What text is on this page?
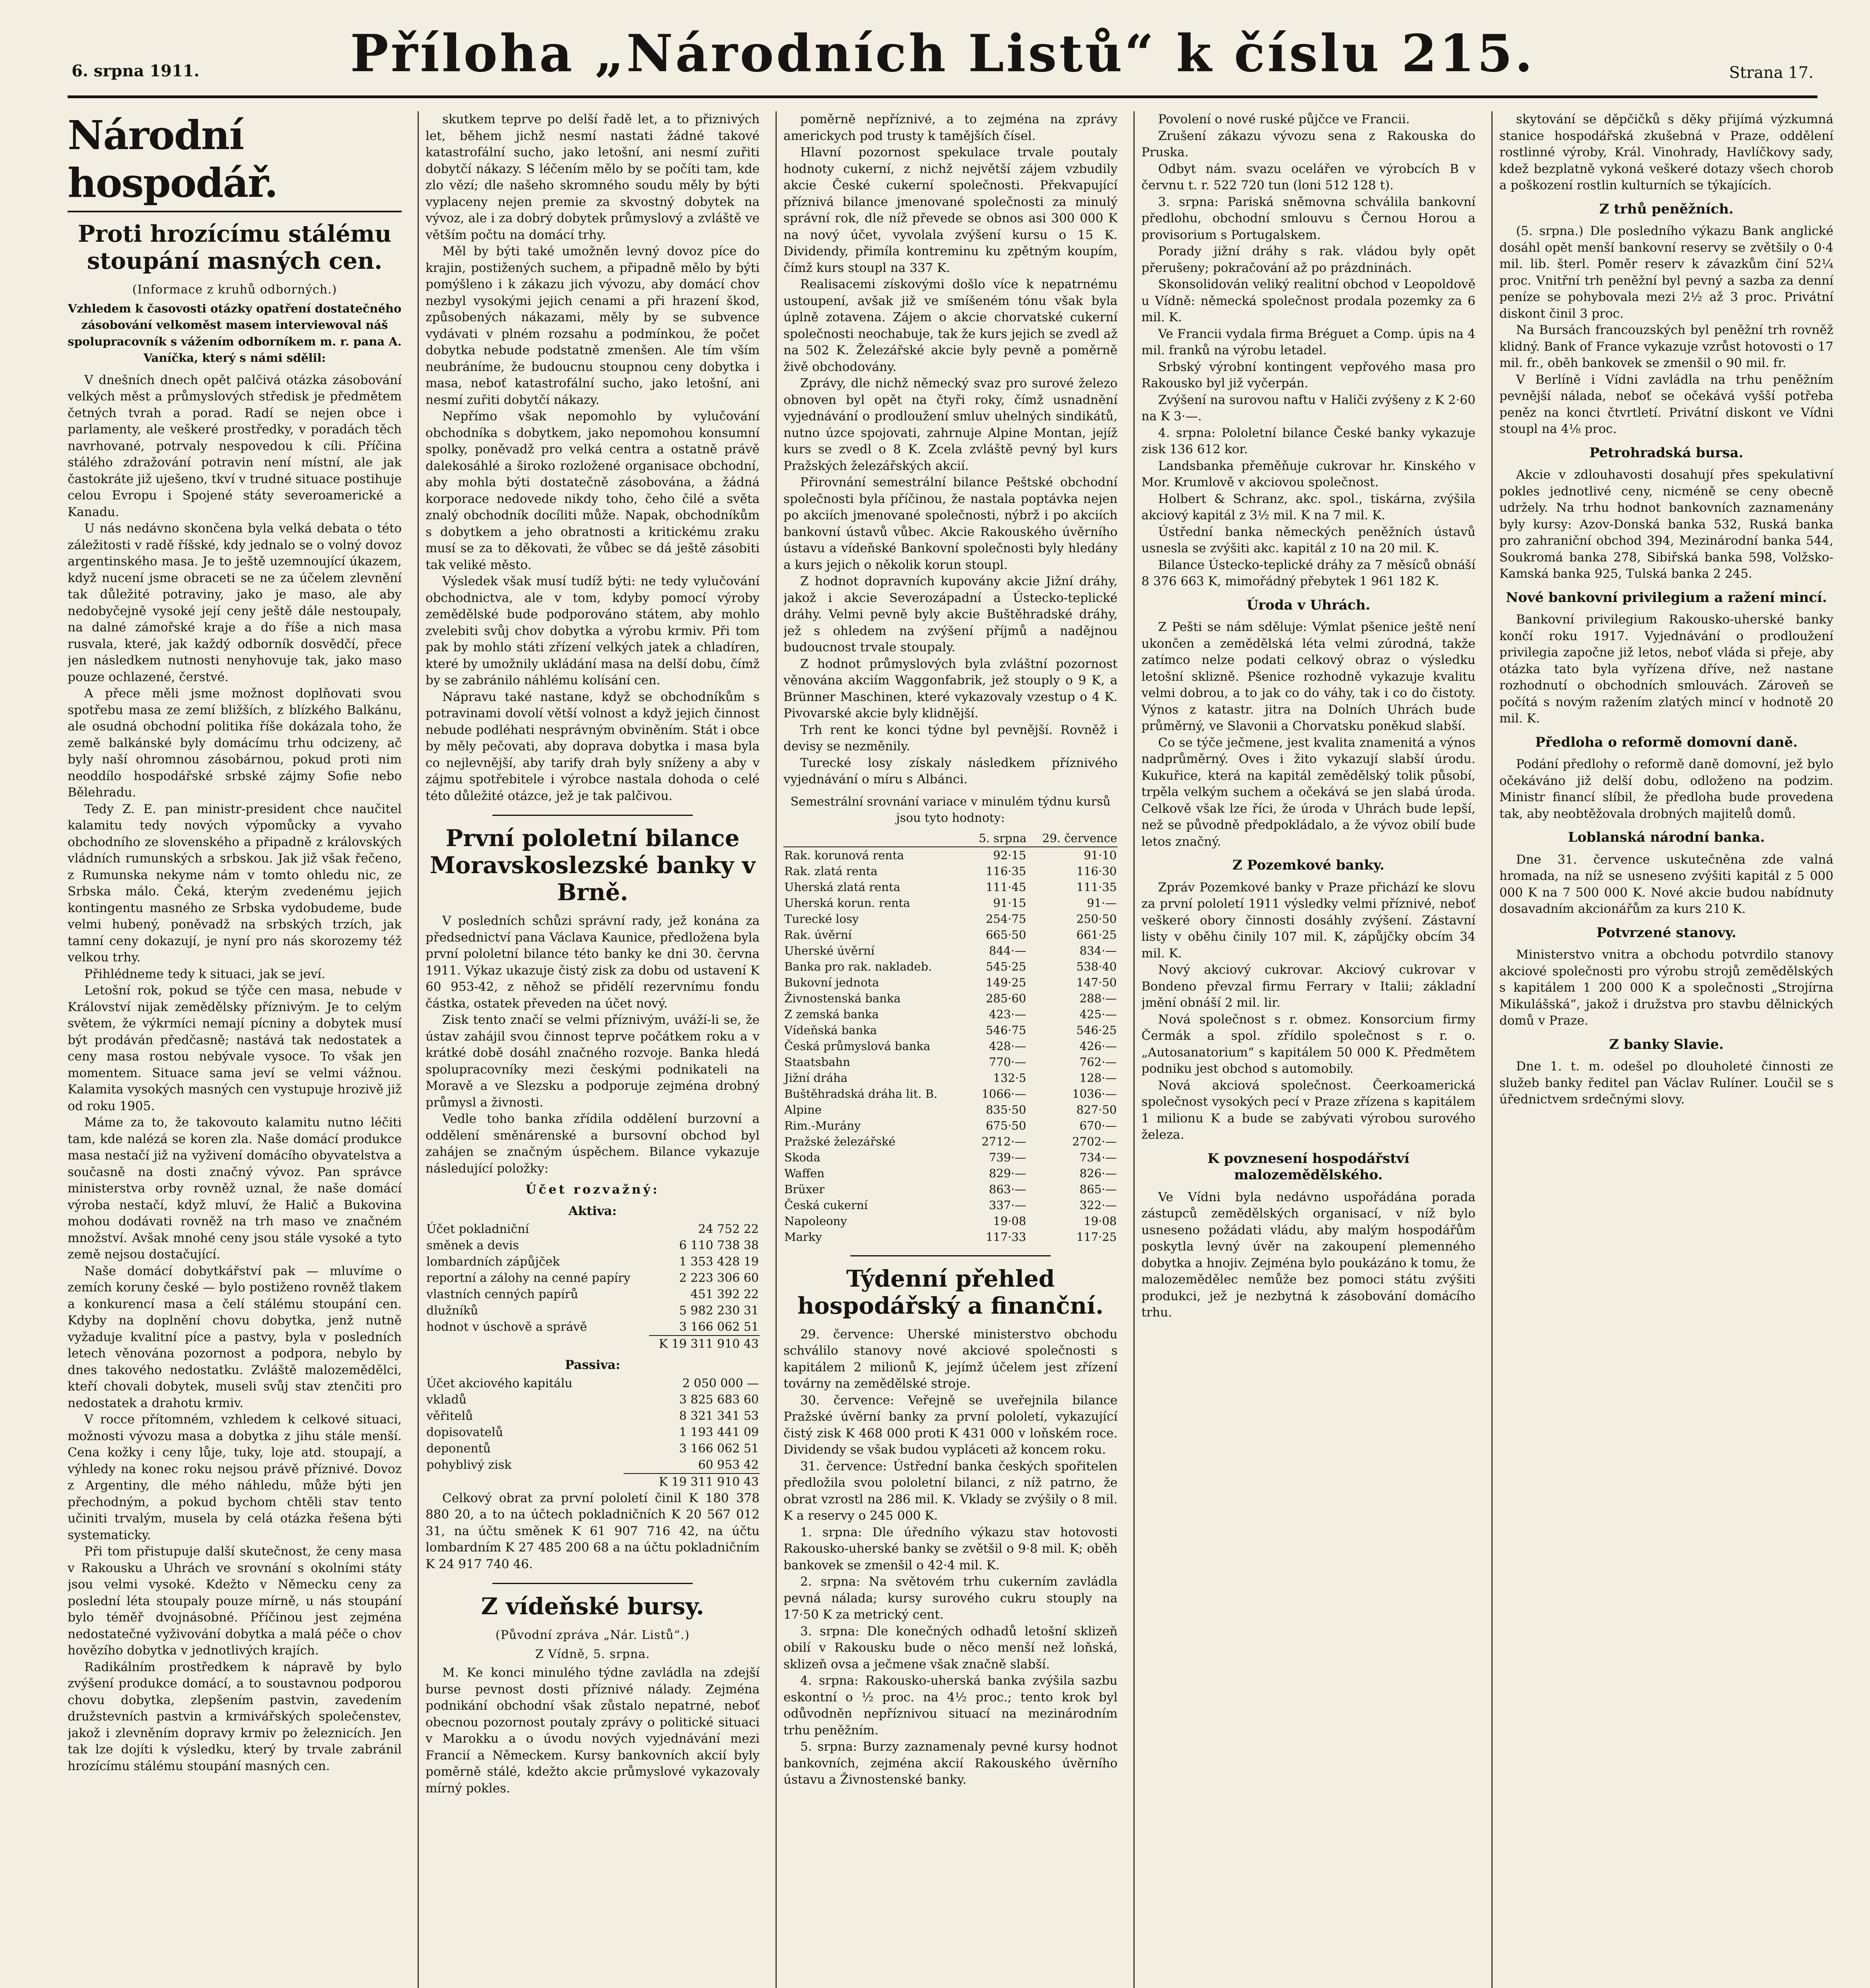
6. srpna 1911.	Příloha „Národních Listů“ k číslu 215.	Strana 17.
Národní hospodář.
Proti hrozícímu stálému stoupání masných cen.
(Informace z kruhů odborných.)
Vzhledem k časovosti otázky opatření dostatečného zásobování velkoměst masem interviewoval náš spolupracovník s vážením odborníkem m. r. pana A. Vaníčka, který s námi sdělil:

V dnešních dnech opět palčivá otázka zásobování velkých měst a průmyslových středisk je předmětem četných tvrah a porad. Radí se nejen obce i parlamenty, ale veškeré prostředky, v poradách těch navrhované, potrvaly nespovedou k cíli. Příčina stálého zdražování potravin není místní, ale jak častokráte již uješeno, tkví v trudné situace postihuje celou Evropu i Spojené státy severoamerické a Kanadu.

U nás nedávno skončena byla velká debata o této záležitosti v radě říšské, kdy jednalo se o volný dovoz argentinského masa. Je to ještě uzemnoující úkazem, když nucení jsme obraceti se ne za účelem zlevnění tak důležité potraviny, jako je maso, ale aby nedobyčejně vysoké její ceny ještě dále nestoupaly, na dalné zámořské kraje a do říše a nich masa rusvala, které, jak každý odborník dosvědčí, přece jen následkem nutnosti nenyhovuje tak, jako maso pouze ochlazené, čerstvé.

A přece měli jsme možnost doplňovati svou spotřebu masa ze zemí bližších, z blízkého Balkánu, ale osudná obchodní politika říše dokázala toho, že země balkánské byly domácímu trhu odcizeny, ač byly naší ohromnou zásobárnou, pokud proti nim neoddílo hospodářské srbské zájmy Sofie nebo Bělehradu.

Tedy Z. E. pan ministr-president chce naučitel kalamitu tedy nových výpomůcky a vyvaho obchodního ze slovenského a připadně z královských vládních rumunských a srbskou. Jak již však řečeno, z Rumunska nekyme nám v tomto ohledu nic, ze Srbska málo. Čeká, kterým zvedenému jejich kontingentu masného ze Srbska vydobudeme, bude velmi hubený, poněvadž na srbských trzích, jak tamní ceny dokazují, je nyní pro nás skorozemy též velkou trhy.

Přihlédneme tedy k situaci, jak se jeví.

Letošní rok, pokud se týče cen masa, nebude v Království nijak zemědělsky příznivým. Je to celým světem, že výkrmíci nemají pícniny a dobytek musí být prodáván předčasně; nastává tak nedostatek a ceny masa rostou nebývale vysoce. To však jen momentem. Situace sama jeví se velmi vážnou. Kalamita vysokých masných cen vystupuje hrozivě již od roku 1905.

Máme za to, že takovouto kalamitu nutno léčiti tam, kde nalézá se koren zla. Naše domácí produkce masa nestačí již na vyživení domácího obyvatelstva a současně na dosti značný vývoz. Pan správce ministerstva orby rovněž uznal, že naše domácí výroba nestačí, když mluví, že Halič a Bukovina mohou dodávati rovněž na trh maso ve značném množství. Avšak mnohé ceny jsou stále vysoké a tyto země nejsou dostačující.

Naše domácí dobytkářství pak — mluvíme o zemích koruny české — bylo postiženo rovněž tlakem a konkurencí masa a čelí stálému stoupání cen. Kdyby na doplnění chovu dobytka, jenž nutně vyžaduje kvalitní píce a pastvy, byla v posledních letech věnována pozornost a podpora, nebylo by dnes takového nedostatku. Zvláště malozemědělci, kteří chovali dobytek, museli svůj stav ztenčiti pro nedostatek a drahotu krmiv.

V rocce přítomném, vzhledem k celkové situaci, možnosti vývozu masa a dobytka z jihu stále menší. Cena kožky i ceny lůje, tuky, loje atd. stoupají, a výhledy na konec roku nejsou právě příznivé. Dovoz z Argentiny, dle mého náhledu, může býti jen přechodným, a pokud bychom chtěli stav tento učiniti trvalým, musela by celá otázka řešena býti systematicky.

Při tom přistupuje další skutečnost, že ceny masa v Rakousku a Uhrách ve srovnání s okolními státy jsou velmi vysoké. Kdežto v Německu ceny za poslední léta stoupaly pouze mírně, u nás stoupání bylo téměř dvojnásobné. Příčinou jest zejména nedostatečné vyživování dobytka a malá péče o chov hovězího dobytka v jednotlivých krajích.

Radikálním prostředkem k nápravě by bylo zvýšení produkce domácí, a to soustavnou podporou chovu dobytka, zlepšením pastvin, zavedením družstevních pastvin a krmivářských společenstev, jakož i zlevněním dopravy krmiv po železnicích. Jen tak lze dojíti k výsledku, který by trvale zabránil hrozícímu stálému stoupání masných cen.

skutkem teprve po delší řadě let, a to přiznivých let, během jichž nesmí nastati žádné takové katastrofální sucho, jako letošní, ani nesmí zuřiti dobytčí nákazy. S léčením mělo by se počíti tam, kde zlo vězí; dle našeho skromného soudu měly by býti vyplaceny nejen premie za skvostný dobytek na vývoz, ale i za dobrý dobytek průmyslový a zvláště ve větším počtu na domácí trhy.

Měl by býti také umožněn levný dovoz píce do krajin, postižených suchem, a připadně mělo by býti pomýšleno i k zákazu jich vývozu, aby domácí chov nezbyl vysokými jejich cenami a při hrazení škod, způsobených nákazami, měly by se subvence vydávati v plném rozsahu a podmínkou, že počet dobytka nebude podstatně zmenšen. Ale tím vším neubráníme, že budoucnu stoupnou ceny dobytka i masa, neboť katastrofální sucho, jako letošní, ani nesmí zuřiti dobytčí nákazy.

Nepřímo však nepomohlo by vylučování obchodníka s dobytkem, jako nepomohou konsumní spolky, poněvadž pro velká centra a ostatně právě dalekosáhlé a široko rozložené organisace obchodní, aby mohla býti dostatečně zásobována, a žádná korporace nedovede nikdy toho, čeho čilé a světa znalý obchodník docíliti může. Napak, obchodníkům s dobytkem a jeho obratnosti a kritickému zraku musí se za to děkovati, že vůbec se dá ještě zásobiti tak veliké město.

Výsledek však musí tudíž býti: ne tedy vylučování obchodnictva, ale v tom, kdyby pomocí výroby zemědělské bude podporováno státem, aby mohlo zvelebiti svůj chov dobytka a výrobu krmiv. Při tom pak by mohlo státi zřízení velkých jatek a chladíren, které by umožnily ukládání masa na delší dobu, čímž by se zabránilo náhlému kolísání cen.

Nápravu také nastane, když se obchodníkům s potravinami dovolí větší volnost a když jejich činnost nebude podléhati nesprávným obviněním. Stát i obce by měly pečovati, aby doprava dobytka i masa byla co nejlevnější, aby tarify drah byly sníženy a aby v zájmu spotřebitele i výrobce nastala dohoda o celé této důležité otázce, jež je tak palčivou.

První pololetní bilance Moravskoslezské banky v Brně.

V posledních schůzi správní rady, jež konána za předsednictví pana Václava Kaunice, předložena byla první pololetní bilance této banky ke dni 30. června 1911. Výkaz ukazuje čistý zisk za dobu od ustavení K 60 953-42, z něhož se přidělí rezervnímu fondu částka, ostatek převeden na účet nový.

Zisk tento značí se velmi příznivým, uváží-li se, že ústav zahájil svou činnost teprve počátkem roku a v krátké době dosáhl značného rozvoje. Banka hledá spolupracovníky mezi českými podnikateli na Moravě a ve Slezsku a podporuje zejména drobný průmysl a živnosti.

Vedle toho banka zřídila oddělení burzovní a oddělení směnárenské a bursovní obchod byl zahájen se značným úspěchem. Bilance vykazuje následující položky:

Účet rozvažný:
Aktiva:
Účet pokladniční	24 752 22
směnek a devis	6 110 738 38
lombardních zápůjček	1 353 428 19
reportní a zálohy na cenné papíry	2 223 306 60
vlastních cenných papírů	451 392 22
dlužníků	5 982 230 31
hodnot v úschově a správě	3 166 062 51
	K 19 311 910 43
Passiva:
Účet akciového kapitálu	2 050 000 —
vkladů	3 825 683 60
věřitelů	8 321 341 53
dopisovatelů	1 193 441 09
deponentů	3 166 062 51
pohyblivý zisk	60 953 42
	K 19 311 910 43

Celkový obrat za první pololetí činil K 180 378 880 20, a to na účtech pokladničních K 20 567 012 31, na účtu směnek K 61 907 716 42, na účtu lombardním K 27 485 200 68 a na účtu pokladničním K 24 917 740 46.

Z vídeňské bursy.
(Původní zpráva „Nár. Listů“.)
Z Vídně, 5. srpna.

M. Ke konci minulého týdne zavládla na zdejší burse pevnost dosti příznivé nálady. Zejména podnikání obchodní však zůstalo nepatrné, neboť obecnou pozornost poutaly zprávy o politické situaci v Marokku a o úvodu nových vyjednávání mezi Francií a Německem. Kursy bankovních akcií byly poměrně stálé, kdežto akcie průmyslové vykazovaly mírný pokles.

poměrně nepříznivé, a to zejména na zprávy americkych pod trusty k tamějších čísel.

Hlavní pozornost spekulace trvale poutaly hodnoty cukerní, z nichž největší zájem vzbudily akcie České cukerní společnosti. Překvapující příznivá bilance jmenované společnosti za minulý správní rok, dle níž převede se obnos asi 300 000 K na nový účet, vyvolala zvýšení kursu o 15 K. Dividendy, přimíla kontreminu ku zpětným koupím, čímž kurs stoupl na 337 K.

Realisacemi získovými došlo více k nepatrnému ustoupení, avšak již ve smíšeném tónu však byla úplně zotavena. Zájem o akcie chorvatské cukerní společnosti neochabuje, tak že kurs jejich se zvedl až na 502 K. Železářské akcie byly pevně a poměrně živě obchodovány.

Zprávy, dle nichž německý svaz pro surové železo obnoven byl opět na čtyři roky, čímž usnadnění vyjednávání o prodloužení smluv uhelných sindikátů, nutno úzce spojovati, zahrnuje Alpine Montan, jejíž kurs se zvedl o 8 K. Zcela zvláště pevný byl kurs Pražských železářských akcií.

Přirovnání semestrální bilance Peštské obchodní společnosti byla příčinou, že nastala poptávka nejen po akciích jmenované společnosti, nýbrž i po akciích bankovní ústavů vůbec. Akcie Rakouského úvěrního ústavu a vídeňské Bankovní společnosti byly hledány a kurs jejich o několik korun stoupl.

Z hodnot dopravních kupovány akcie Jižní dráhy, jakož i akcie Severozápadní a Ústecko-teplické dráhy. Velmi pevně byly akcie Buštěhradské dráhy, jež s ohledem na zvýšení příjmů a nadějnou budoucnost trvale stoupaly.

Z hodnot průmyslových byla zvláštní pozornost věnována akciím Waggonfabrik, jež stouply o 9 K, a Brünner Maschinen, které vykazovaly vzestup o 4 K. Pivovarské akcie byly klidnější.

Trh rent ke konci týdne byl pevnější. Rovněž i devisy se nezměnily.

Turecké losy získaly následkem příznivého vyjednávání o míru s Albánci.

Semestrální srovnání variace v minulém týdnu kursů jsou tyto hodnoty:
	5. srpna	29. července
Rak. korunová renta	92·15	91·10
Rak. zlatá renta	116·35	116·30
Uherská zlatá renta	111·45	111·35
Uherská korun. renta	91·15	91·—
Turecké losy	254·75	250·50
Rak. úvěrní	665·50	661·25
Uherské úvěrní	844·—	834·—
Banka pro rak. nakladeb.	545·25	538·40
Bukovní jednota	149·25	147·50
Živnostenská banka	285·60	288·—
Z zemská banka	423·—	425·—
Vídeňská banka	546·75	546·25
Česká průmyslová banka	428·—	426·—
Staatsbahn	770·—	762·—
Jižní dráha	132·5	128·—
Buštěhradská dráha lit. B.	1066·—	1036·—
Alpine	835·50	827·50
Rim.-Murány	675·50	670·—
Pražské železářské	2712·—	2702·—
Skoda	739·—	734·—
Waffen	829·—	826·—
Brüxer	863·—	865·—
Česká cukerní	337·—	322·—
Napoleony	19·08	19·08
Marky	117·33	117·25
Týdenní přehled hospodářský a finanční.

29. července: Uherské ministerstvo obchodu schválilo stanovy nové akciové společnosti s kapitálem 2 milionů K, jejímž účelem jest zřízení továrny na zemědělské stroje.

30. července: Veřejně se uveřejnila bilance Pražské úvěrní banky za první pololetí, vykazující čistý zisk K 468 000 proti K 431 000 v loňském roce. Dividendy se však budou vypláceti až koncem roku.

31. července: Ústřední banka českých spořitelen předložila svou pololetní bilanci, z níž patrno, že obrat vzrostl na 286 mil. K. Vklady se zvýšily o 8 mil. K a reservy o 245 000 K.

1. srpna: Dle úředního výkazu stav hotovosti Rakousko-uherské banky se zvětšil o 9·8 mil. K; oběh bankovek se zmenšil o 42·4 mil. K.

2. srpna: Na světovém trhu cukerním zavládla pevná nálada; kursy surového cukru stouply na 17·50 K za metrický cent.

3. srpna: Dle konečných odhadů letošní sklizeň obilí v Rakousku bude o něco menší než loňská, sklizeň ovsa a ječmene však značně slabší.

4. srpna: Rakousko-uherská banka zvýšila sazbu eskontní o ½ proc. na 4½ proc.; tento krok byl odůvodněn nepříznivou situací na mezinárodním trhu peněžním.

5. srpna: Burzy zaznamenaly pevné kursy hodnot bankovních, zejména akcií Rakouského úvěrního ústavu a Živnostenské banky.

Povolení o nové ruské půjčce ve Francii.

Zrušení zákazu vývozu sena z Rakouska do Pruska.

Odbyt nám. svazu ocelářen ve výrobcích B v červnu t. r. 522 720 tun (loni 512 128 t).

3. srpna: Pariská sněmovna schválila bankovní předlohu, obchodní smlouvu s Černou Horou a provisorium s Portugalskem.

Porady jižní dráhy s rak. vládou byly opět přerušeny; pokračování až po prázdninách.

Skonsolidován veliký realitní obchod v Leopoldově u Vídně: německá společnost prodala pozemky za 6 mil. K.

Ve Francii vydala firma Bréguet a Comp. úpis na 4 mil. franků na výrobu letadel.

Srbský výrobní kontingent vepřového masa pro Rakousko byl již vyčerpán.

Zvýšení na surovou naftu v Haliči zvýšeny z K 2·60 na K 3·—.

4. srpna: Pololetní bilance České banky vykazuje zisk 136 612 kor.

Landsbanka přeměňuje cukrovar hr. Kinského v Mor. Krumlově v akciovou společnost.

Holbert & Schranz, akc. spol., tiskárna, zvýšila akciový kapitál z 3½ mil. K na 7 mil. K.

Ústřední banka německých peněžních ústavů usnesla se zvýšiti akc. kapitál z 10 na 20 mil. K.

Bilance Ústecko-teplické dráhy za 7 měsíců obnáší 8 376 663 K, mimořádný přebytek 1 961 182 K.

Úroda v Uhrách.

Z Pešti se nám sděluje: Výmlat pšenice ještě není ukončen a zemědělská léta velmi zúrodná, takže zatímco nelze podati celkový obraz o výsledku letošní sklizně. Pšenice rozhodně vykazuje kvalitu velmi dobrou, a to jak co do váhy, tak i co do čistoty. Výnos z katastr. jitra na Dolních Uhrách bude průměrný, ve Slavonii a Chorvatsku poněkud slabší.

Co se týče ječmene, jest kvalita znamenitá a výnos nadprůměrný. Oves i žito vykazují slabší úrodu. Kukuřice, která na kapitál zemědělský tolik působí, trpěla velkým suchem a očekává se jen slabá úroda. Celkově však lze říci, že úroda v Uhrách bude lepší, než se původně předpokládalo, a že vývoz obilí bude letos značný.

Z Pozemkové banky.

Zpráv Pozemkové banky v Praze přichází ke slovu za první pololetí 1911 výsledky velmi příznivé, neboť veškeré obory činnosti dosáhly zvýšení. Zástavní listy v oběhu činily 107 mil. K, zápůjčky obcím 34 mil. K.

Nový akciový cukrovar. Akciový cukrovar v Bondeno převzal firmu Ferrary v Italii; základní jmění obnáší 2 mil. lir.

Nová společnost s r. obmez. Konsorcium firmy Čermák a spol. zřídilo společnost s r. o. „Autosanatorium“ s kapitálem 50 000 K. Předmětem podniku jest obchod s automobily.

Nová akciová společnost. Čeerkoamerická společnost vysokých pecí v Praze zřízena s kapitálem 1 milionu K a bude se zabývati výrobou surového železa.

K povznesení hospodářství malozemědělského.

Ve Vídni byla nedávno uspořádána porada zástupců zemědělských organisací, v níž bylo usneseno požádati vládu, aby malým hospodářům poskytla levný úvěr na zakoupení plemenného dobytka a hnojiv. Zejména bylo poukázáno k tomu, že malozemědělec nemůže bez pomoci státu zvýšiti produkci, jež je nezbytná k zásobování domácího trhu.

skytování se děpčičků s děky přijímá výzkumná stanice hospodářská zkušebná v Praze, oddělení rostlinné výroby, Král. Vinohrady, Havlíčkovy sady, kdež bezplatně vykoná veškeré dotazy všech chorob a poškození rostlin kulturních se týkajících.

Z trhů peněžních.

(5. srpna.) Dle posledního výkazu Bank anglické dosáhl opět menší bankovní reservy se zvětšily o 0·4 mil. lib. šterl. Poměr reserv k závazkům činí 52¼ proc. Vnitřní trh peněžní byl pevný a sazba za denní peníze se pohybovala mezi 2½ až 3 proc. Privátní diskont činil 3 proc.

Na Bursách francouzských byl peněžní trh rovněž klidný. Bank of France vykazuje vzrůst hotovosti o 17 mil. fr., oběh bankovek se zmenšil o 90 mil. fr.

V Berlíně i Vídni zavládla na trhu peněžním pevnější nálada, neboť se očekává vyšší potřeba peněz na konci čtvrtletí. Privátní diskont ve Vídni stoupl na 4⅛ proc.

Petrohradská bursa.

Akcie v zdlouhavosti dosahují přes spekulativní pokles jednotlivé ceny, nicméně se ceny obecně udržely. Na trhu hodnot bankovních zaznamenány byly kursy: Azov-Donská banka 532, Ruská banka pro zahraniční obchod 394, Mezinárodní banka 544, Soukromá banka 278, Sibiřská banka 598, Volžsko-Kamská banka 925, Tulská banka 2 245.

Nové bankovní privilegium a ražení mincí.

Bankovní privilegium Rakousko-uherské banky končí roku 1917. Vyjednávání o prodloužení privilegia započne již letos, neboť vláda si přeje, aby otázka tato byla vyřízena dříve, než nastane rozhodnutí o obchodních smlouvách. Zároveň se počítá s novým ražením zlatých mincí v hodnotě 20 mil. K.

Předloha o reformě domovní daně.

Podání předlohy o reformě daně domovní, jež bylo očekáváno již delší dobu, odloženo na podzim. Ministr financí slíbil, že předloha bude provedena tak, aby neobtěžovala drobných majitelů domů.

Loblanská národní banka.

Dne 31. července uskutečněna zde valná hromada, na níž se usneseno zvýšiti kapitál z 5 000 000 K na 7 500 000 K. Nové akcie budou nabídnuty dosavadním akcionářům za kurs 210 K.

Potvrzené stanovy.

Ministerstvo vnitra a obchodu potvrdilo stanovy akciové společnosti pro výrobu strojů zemědělských s kapitálem 1 200 000 K a společnosti „Strojírna Mikulášská“, jakož i družstva pro stavbu dělnických domů v Praze.

Z banky Slavie.

Dne 1. t. m. odešel po dlouholeté činnosti ze služeb banky ředitel pan Václav Rulíner. Loučil se s úřednictvem srdečnými slovy.
